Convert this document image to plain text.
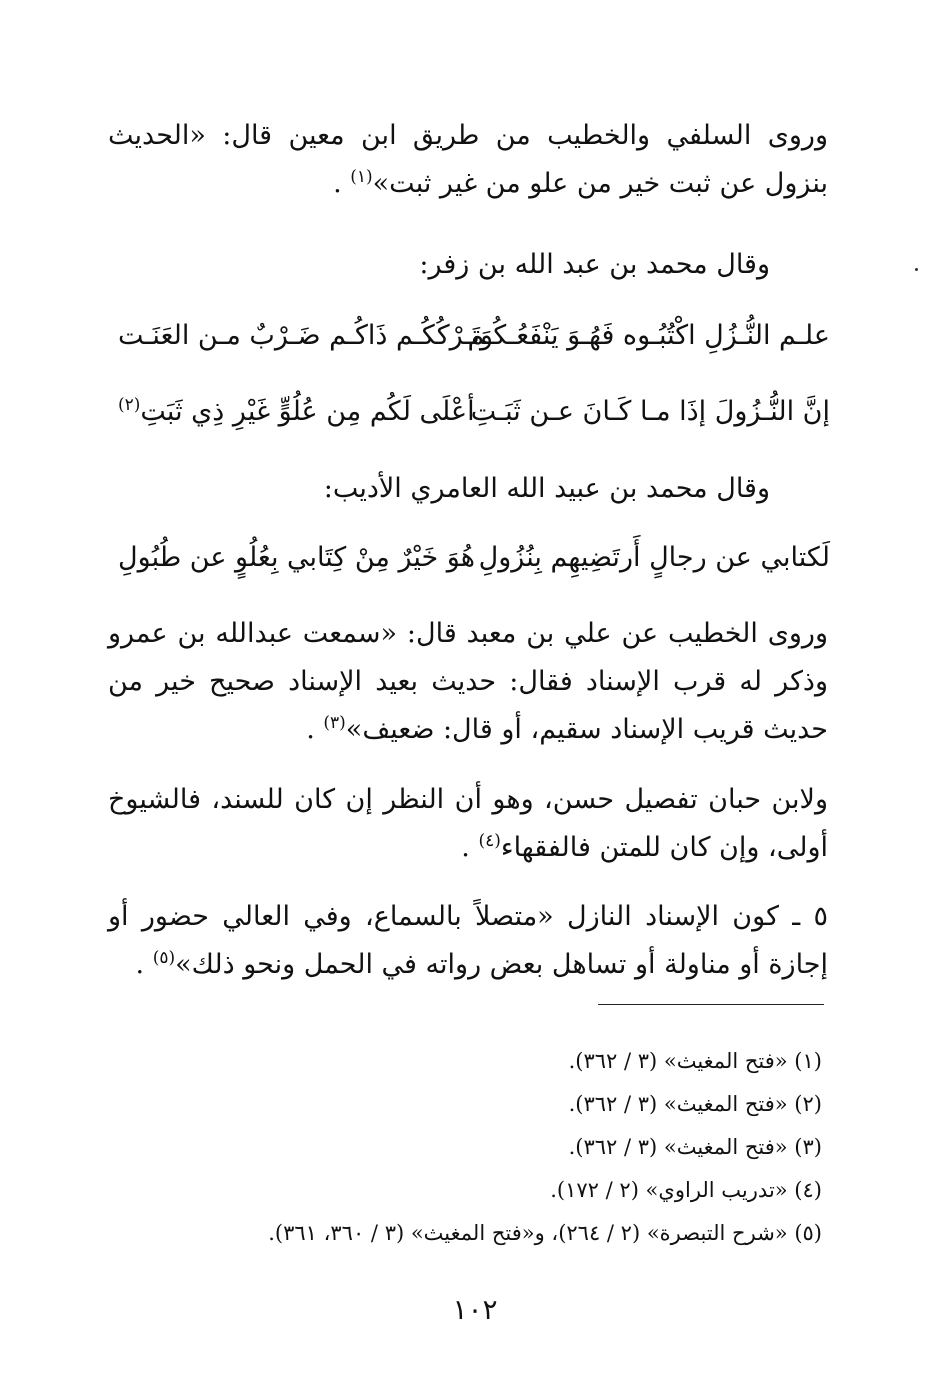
وروى السلفي والخطيب من طريق ابن معين قال: «الحديث بنزول عن ثبت خير من علو من غير ثبت»$^{(١)}$ .

وقال محمد بن عبد الله بن زفر:

علـم النُّـزُلِ اكْتُبُـوه فَهُـوَ يَنْفَعُـكُـم
وَتَـرْكُكُـم ذَاكُـم ضَـرْبٌ مـن العَنَـت
إنَّ النُّـزُولَ إذَا مـا كَـانَ عـن ثَبَـتِ
أعْلَى لَكُم مِن عُلُوٍّ غَيْرِ ذِي ثَبَتِ$^{(٢)}$

وقال محمد بن عبيد الله العامري الأديب:

لَكتابي عن رجالٍ أَرتَضِيهِم بِنُزُولِ
هُوَ خَيْرٌ مِنْ كِتَابي بِعُلُوٍ عن طُبُولِ

وروى الخطيب عن علي بن معبد قال: «سمعت عبدالله بن عمرو وذكر له قرب الإسناد فقال: حديث بعيد الإسناد صحيح خير من حديث قريب الإسناد سقيم، أو قال: ضعيف»$^{(٣)}$ .

ولابن حبان تفصيل حسن، وهو أن النظر إن كان للسند، فالشيوخ أولى، وإن كان للمتن فالفقهاء$^{(٤)}$ .

٥ ـ كون الإسناد النازل «متصلاً بالسماع، وفي العالي حضور أو إجازة أو مناولة أو تساهل بعض رواته في الحمل ونحو ذلك»$^{(٥)}$ .

(١) «فتح المغيث» (٣ / ٣٦٢).
(٢) «فتح المغيث» (٣ / ٣٦٢).
(٣) «فتح المغيث» (٣ / ٣٦٢).
(٤) «تدريب الراوي» (٢ / ١٧٢).
(٥) «شرح التبصرة» (٢ / ٢٦٤)، و«فتح المغيث» (٣ / ٣٦٠، ٣٦١).
١٠٢
